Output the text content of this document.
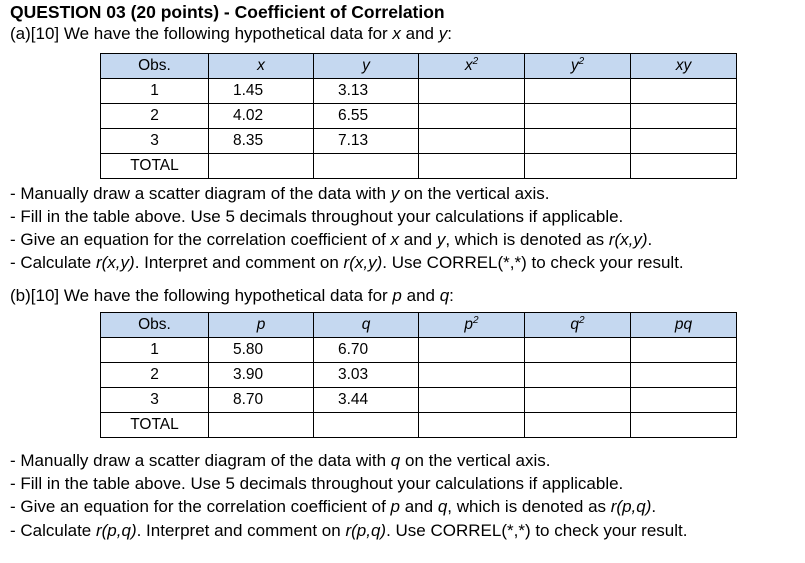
QUESTION 03 (20 points) - Coefficient of Correlation
(a)[10] We have the following hypothetical data for x and y:
Obs.	x	y	$x^2$	$y^2$	xy
1	1.45	3.13			
2	4.02	6.55			
3	8.35	7.13			
TOTAL					
- Manually draw a scatter diagram of the data with y on the vertical axis.
- Fill in the table above. Use 5 decimals throughout your calculations if applicable.
- Give an equation for the correlation coefficient of x and y, which is denoted as r(x,y).
- Calculate r(x,y). Interpret and comment on r(x,y). Use CORREL(*,*) to check your result.
(b)[10] We have the following hypothetical data for p and q:
Obs.	p	q	$p^2$	$q^2$	pq
1	5.80	6.70			
2	3.90	3.03			
3	8.70	3.44			
TOTAL					
- Manually draw a scatter diagram of the data with q on the vertical axis.
- Fill in the table above. Use 5 decimals throughout your calculations if applicable.
- Give an equation for the correlation coefficient of p and q, which is denoted as r(p,q).
- Calculate r(p,q). Interpret and comment on r(p,q). Use CORREL(*,*) to check your result.
